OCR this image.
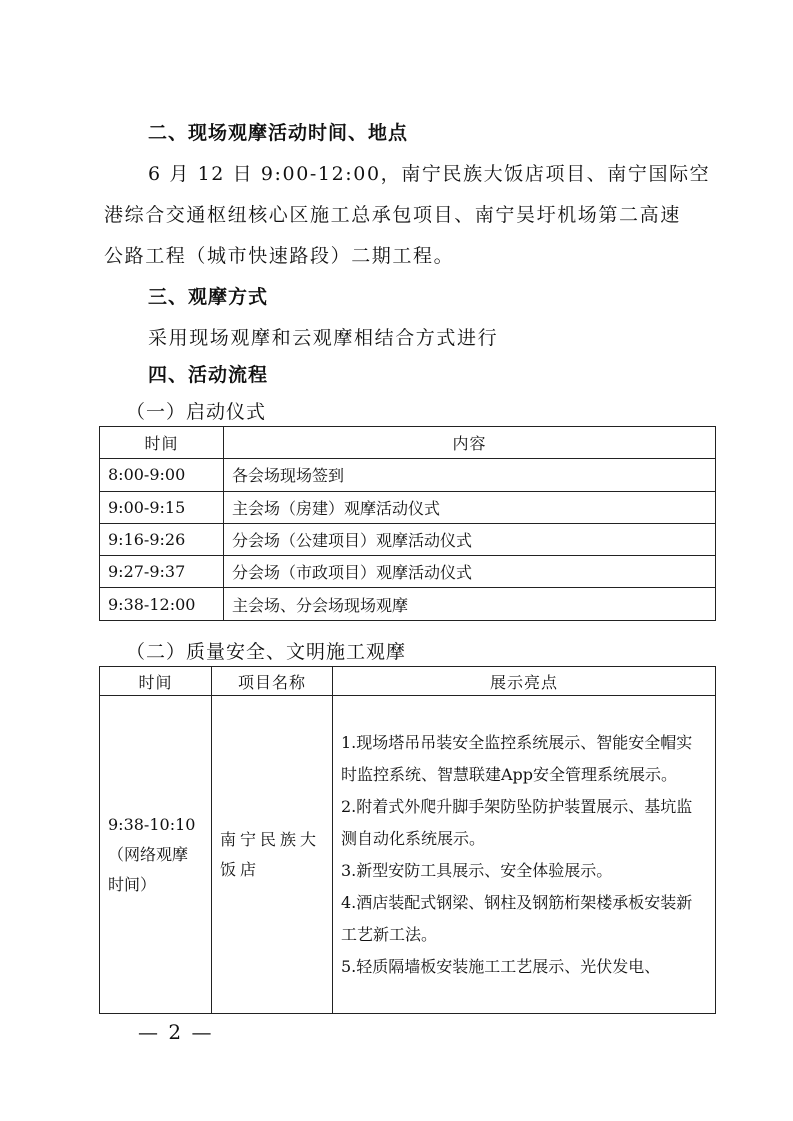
二、现场观摩活动时间、地点
6 月 12 日 9:00-12:00，南宁民族大饭店项目、南宁国际空
港综合交通枢纽核心区施工总承包项目、南宁吴圩机场第二高速
公路工程（城市快速路段）二期工程。
三、观摩方式
采用现场观摩和云观摩相结合方式进行
四、活动流程
（一）启动仪式
时间	内容
8:00-9:00	各会场现场签到
9:00-9:15	主会场（房建）观摩活动仪式
9:16-9:26	分会场（公建项目）观摩活动仪式
9:27-9:37	分会场（市政项目）观摩活动仪式
9:38-12:00	主会场、分会场现场观摩
（二）质量安全、文明施工观摩
时间	项目名称	展示亮点
9:38-10:10（网络观摩时间）	南宁民族大饭店	1.现场塔吊吊装安全监控系统展示、智能安全帽实时监控系统、智慧联建App安全管理系统展示。
2.附着式外爬升脚手架防坠防护装置展示、基坑监测自动化系统展示。
3.新型安防工具展示、安全体验展示。
4.酒店装配式钢梁、钢柱及钢筋桁架楼承板安装新工艺新工法。
5.轻质隔墙板安装施工工艺展示、光伏发电、
— 2 —
